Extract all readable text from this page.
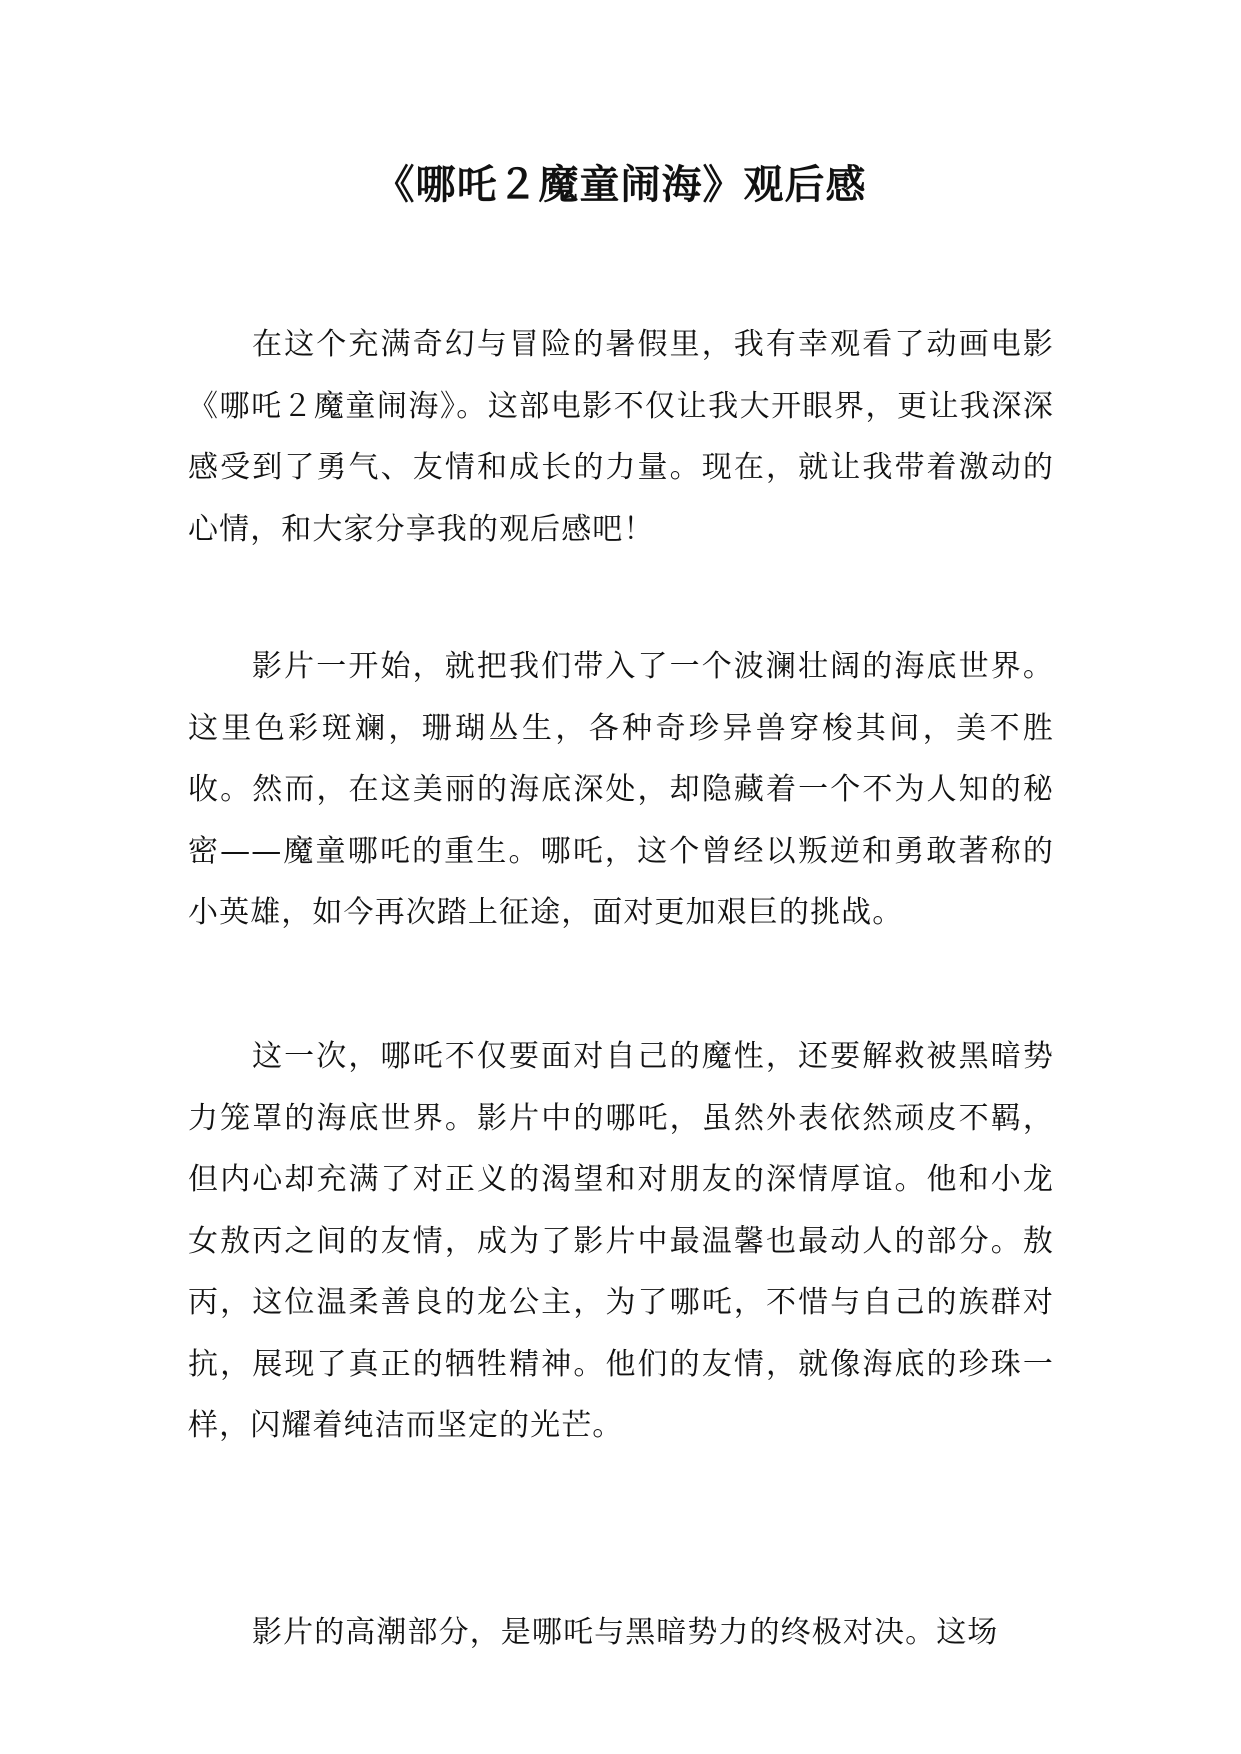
《哪吒２魔童闹海》观后感

在这个充满奇幻与冒险的暑假里，我有幸观看了动画电影《哪吒２魔童闹海》。这部电影不仅让我大开眼界，更让我深深感受到了勇气、友情和成长的力量。现在，就让我带着激动的心情，和大家分享我的观后感吧！

影片一开始，就把我们带入了一个波澜壮阔的海底世界。这里色彩斑斓，珊瑚丛生，各种奇珍异兽穿梭其间，美不胜收。然而，在这美丽的海底深处，却隐藏着一个不为人知的秘密——魔童哪吒的重生。哪吒，这个曾经以叛逆和勇敢著称的小英雄，如今再次踏上征途，面对更加艰巨的挑战。

这一次，哪吒不仅要面对自己的魔性，还要解救被黑暗势力笼罩的海底世界。影片中的哪吒，虽然外表依然顽皮不羁，但内心却充满了对正义的渴望和对朋友的深情厚谊。他和小龙女敖丙之间的友情，成为了影片中最温馨也最动人的部分。敖丙，这位温柔善良的龙公主，为了哪吒，不惜与自己的族群对抗，展现了真正的牺牲精神。他们的友情，就像海底的珍珠一样，闪耀着纯洁而坚定的光芒。

影片的高潮部分，是哪吒与黑暗势力的终极对决。这场
